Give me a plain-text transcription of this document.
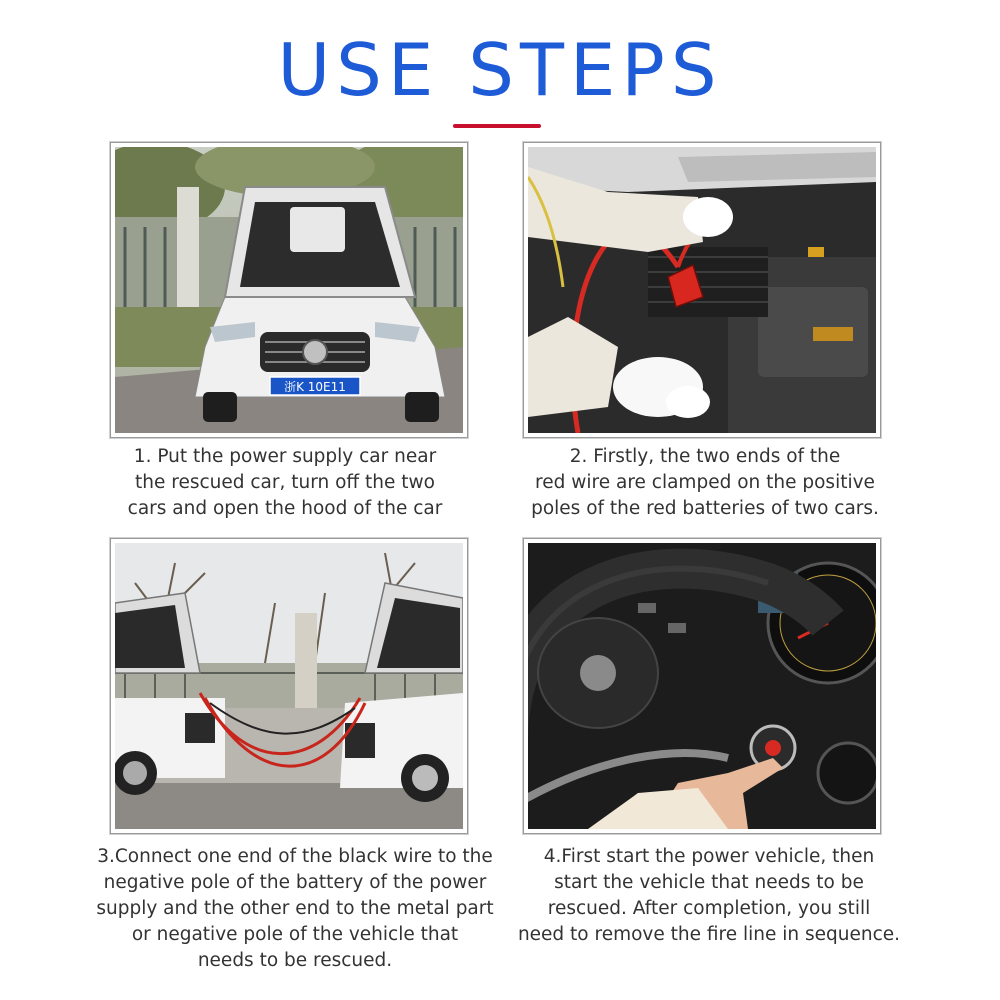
USE STEPS
浙K 10E11
1. Put the power supply car near
the rescued car, turn off the two
cars and open the hood of the car
2. Firstly, the two ends of the
red wire are clamped on the positive
poles of the red batteries of two cars.
3.Connect one end of the black wire to the
negative pole of the battery of the power
supply and the other end to the metal part
or negative pole of the vehicle that
needs to be rescued.
4.First start the power vehicle, then
start the vehicle that needs to be
rescued. After completion, you still
need to remove the fire line in sequence.
